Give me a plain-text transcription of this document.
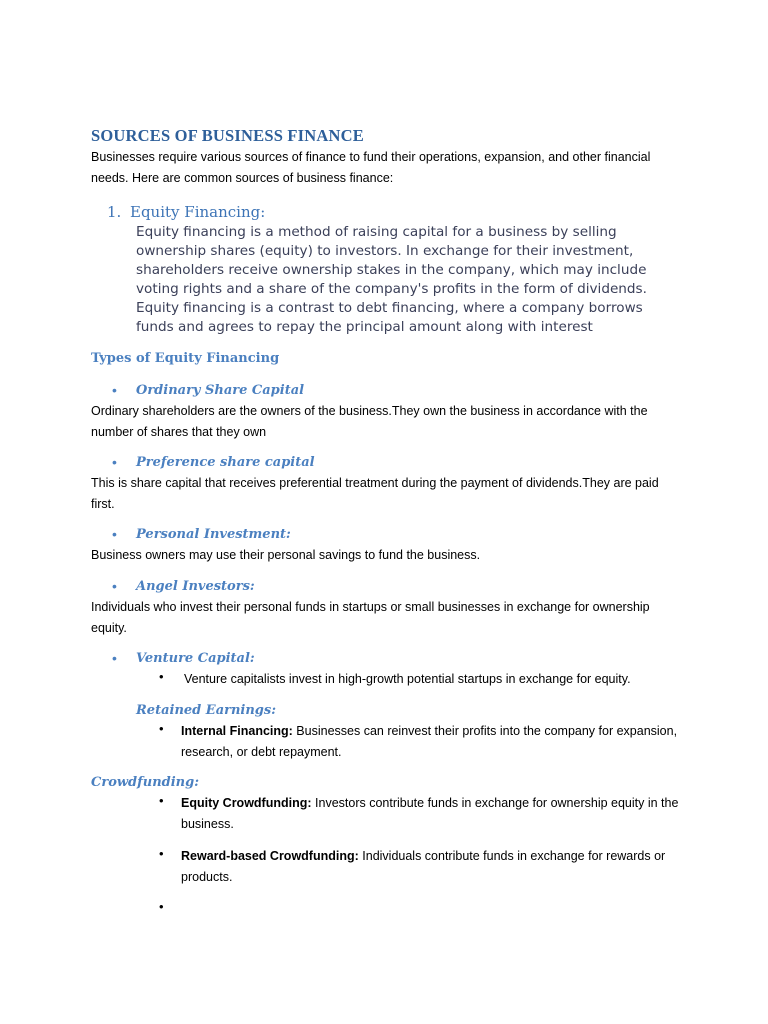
SOURCES OF BUSINESS FINANCE
Businesses require various sources of finance to fund their operations, expansion, and other financial needs. Here are common sources of business finance:
1. Equity Financing:
Equity financing is a method of raising capital for a business by selling ownership shares (equity) to investors. In exchange for their investment, shareholders receive ownership stakes in the company, which may include voting rights and a share of the company's profits in the form of dividends. Equity financing is a contrast to debt financing, where a company borrows funds and agrees to repay the principal amount along with interest
Types of Equity Financing
• Ordinary Share Capital
Ordinary shareholders are the owners of the business.They own the business in accordance with the number of shares that they own
• Preference share capital
This is share capital that receives preferential treatment during the payment of dividends.They are paid first.
• Personal Investment:
Business owners may use their personal savings to fund the business.
• Angel Investors:
Individuals who invest their personal funds in startups or small businesses in exchange for ownership equity.
• Venture Capital:
• Venture capitalists invest in high-growth potential startups in exchange for equity.
Retained Earnings:
• Internal Financing: Businesses can reinvest their profits into the company for expansion, research, or debt repayment.
Crowdfunding:
• Equity Crowdfunding: Investors contribute funds in exchange for ownership equity in the business.
• Reward-based Crowdfunding: Individuals contribute funds in exchange for rewards or products.
•
